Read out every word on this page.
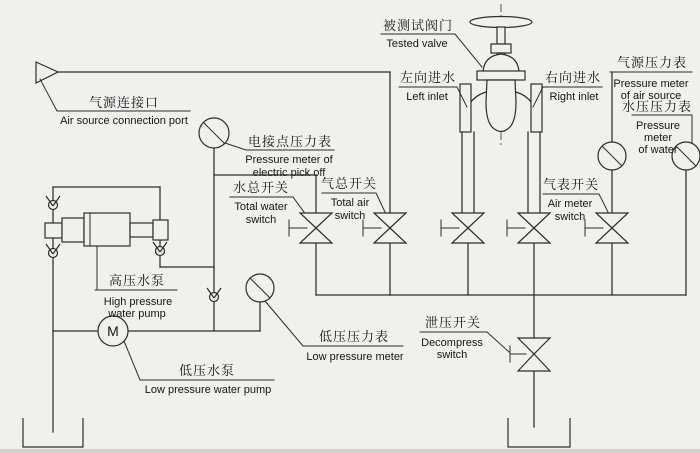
M
气源连接口
Air source connection port
被测试阀门
Tested valve
左向进水
Left inlet
右向进水
Right inlet
电接点压力表
Pressure meter of
electric pick off
水总开关
Total water
switch
气总开关
Total air
switch
气表开关
Air meter
switch
气源压力表
Pressure meter
of air source
水压压力表
Pressure
meter
of water
高压水泵
High pressure
water pump
低压压力表
Low pressure meter
低压水泵
Low pressure water pump
泄压开关
Decompress
switch
